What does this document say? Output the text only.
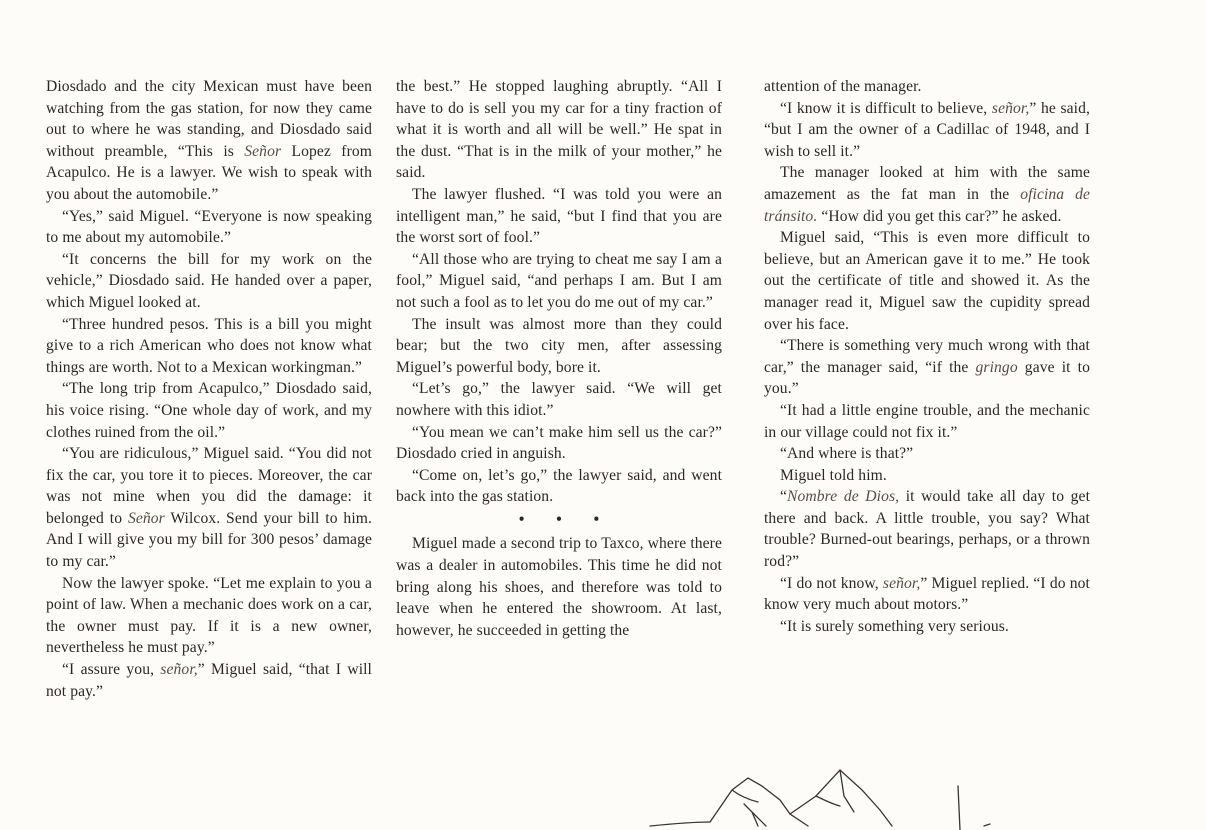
Diosdado and the city Mexican must have been watching from the gas station, for now they came out to where he was standing, and Diosdado said without preamble, “This is Señor Lopez from Acapulco. He is a lawyer. We wish to speak with you about the automobile.”

“Yes,” said Miguel. “Everyone is now speaking to me about my automobile.”

“It concerns the bill for my work on the vehicle,” Diosdado said. He handed over a paper, which Miguel looked at.

“Three hundred pesos. This is a bill you might give to a rich American who does not know what things are worth. Not to a Mexican workingman.”

“The long trip from Acapulco,” Diosdado said, his voice rising. “One whole day of work, and my clothes ruined from the oil.”

“You are ridiculous,” Miguel said. “You did not fix the car, you tore it to pieces. Moreover, the car was not mine when you did the damage: it belonged to Señor Wilcox. Send your bill to him. And I will give you my bill for 300 pesos’ damage to my car.”

Now the lawyer spoke. “Let me explain to you a point of law. When a mechanic does work on a car, the owner must pay. If it is a new owner, nevertheless he must pay.”

“I assure you, señor,” Miguel said, “that I will not pay.”

the best.” He stopped laughing abruptly. “All I have to do is sell you my car for a tiny fraction of what it is worth and all will be well.” He spat in the dust. “That is in the milk of your mother,” he said.

The lawyer flushed. “I was told you were an intelligent man,” he said, “but I find that you are the worst sort of fool.”

“All those who are trying to cheat me say I am a fool,” Miguel said, “and perhaps I am. But I am not such a fool as to let you do me out of my car.”

The insult was almost more than they could bear; but the two city men, after assessing Miguel’s powerful body, bore it.

“Let’s go,” the lawyer said. “We will get nowhere with this idiot.”

“You mean we can’t make him sell us the car?” Diosdado cried in anguish.

“Come on, let’s go,” the lawyer said, and went back into the gas station.

• • •

Miguel made a second trip to Taxco, where there was a dealer in automobiles. This time he did not bring along his shoes, and therefore was told to leave when he entered the showroom. At last, however, he succeeded in getting the

attention of the manager.

“I know it is difficult to believe, señor,” he said, “but I am the owner of a Cadillac of 1948, and I wish to sell it.”

The manager looked at him with the same amazement as the fat man in the oficina de tránsito. “How did you get this car?” he asked.

Miguel said, “This is even more difficult to believe, but an American gave it to me.” He took out the certificate of title and showed it. As the manager read it, Miguel saw the cupidity spread over his face.

“There is something very much wrong with that car,” the manager said, “if the gringo gave it to you.”

“It had a little engine trouble, and the mechanic in our village could not fix it.”

“And where is that?”

Miguel told him.

“Nombre de Dios, it would take all day to get there and back. A little trouble, you say? What trouble? Burned-out bearings, perhaps, or a thrown rod?”

“I do not know, señor,” Miguel replied. “I do not know very much about motors.”

“It is surely something very serious.
